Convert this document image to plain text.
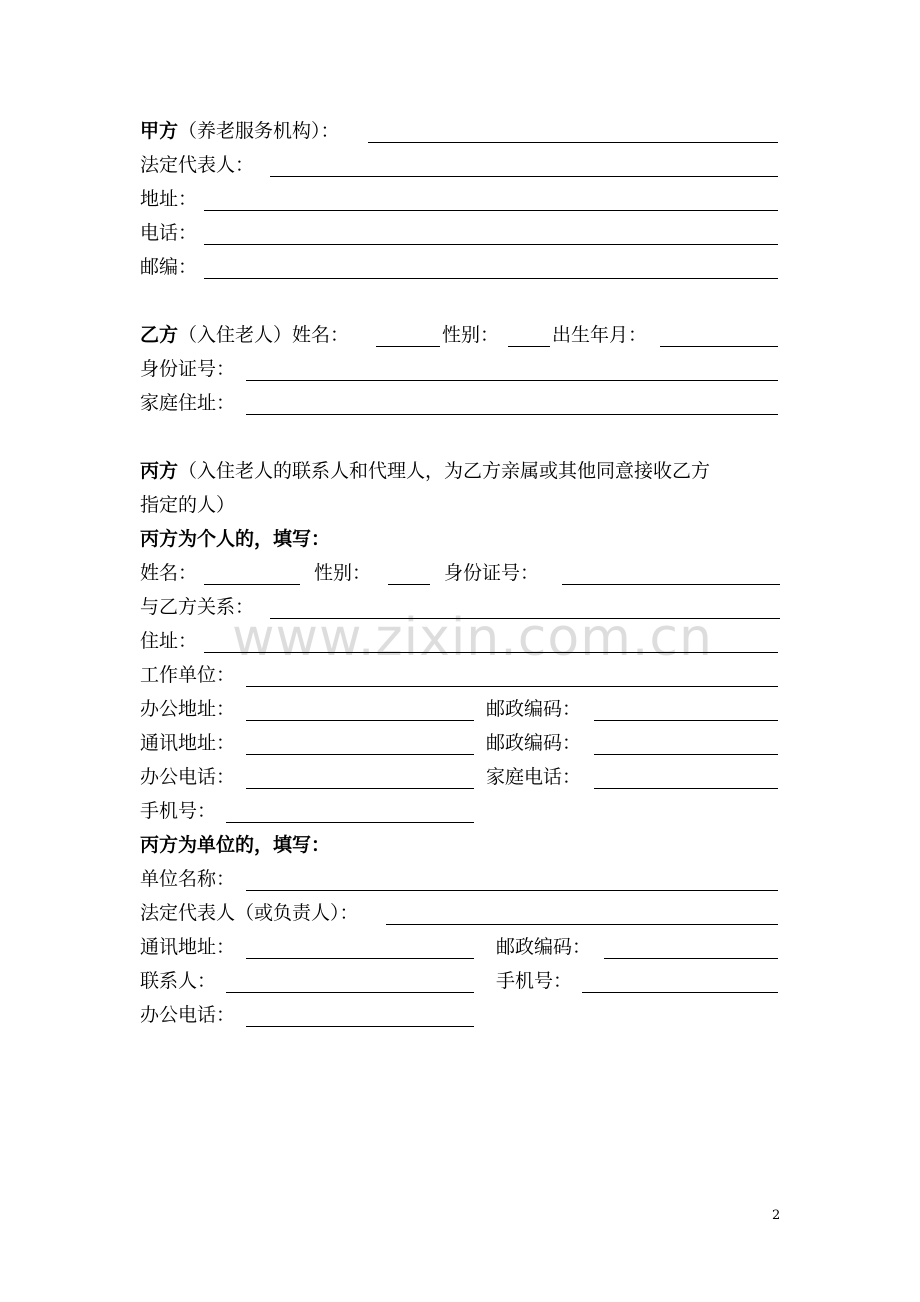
甲方 （养老服务机构）：
法定代表人：
地址：
电话：
邮编：
乙方 （入住老人）姓名：	性别：	出生年月：
身份证号：
家庭住址：
丙方 （入住老人的联系人和代理人，为乙方亲属或其他同意接收乙方
指定的人）
丙方为个人的，填写：
姓名：	性别：	身份证号：
与乙方关系：
住址：
工作单位：
办公地址：	邮政编码：
通讯地址：	邮政编码：
办公电话：	家庭电话：
手机号：
丙方为单位的，填写：
单位名称：
法定代表人（或负责人）：
通讯地址：	邮政编码：
联系人：	手机号：
办公电话：
www.zixin.com.cn
2
